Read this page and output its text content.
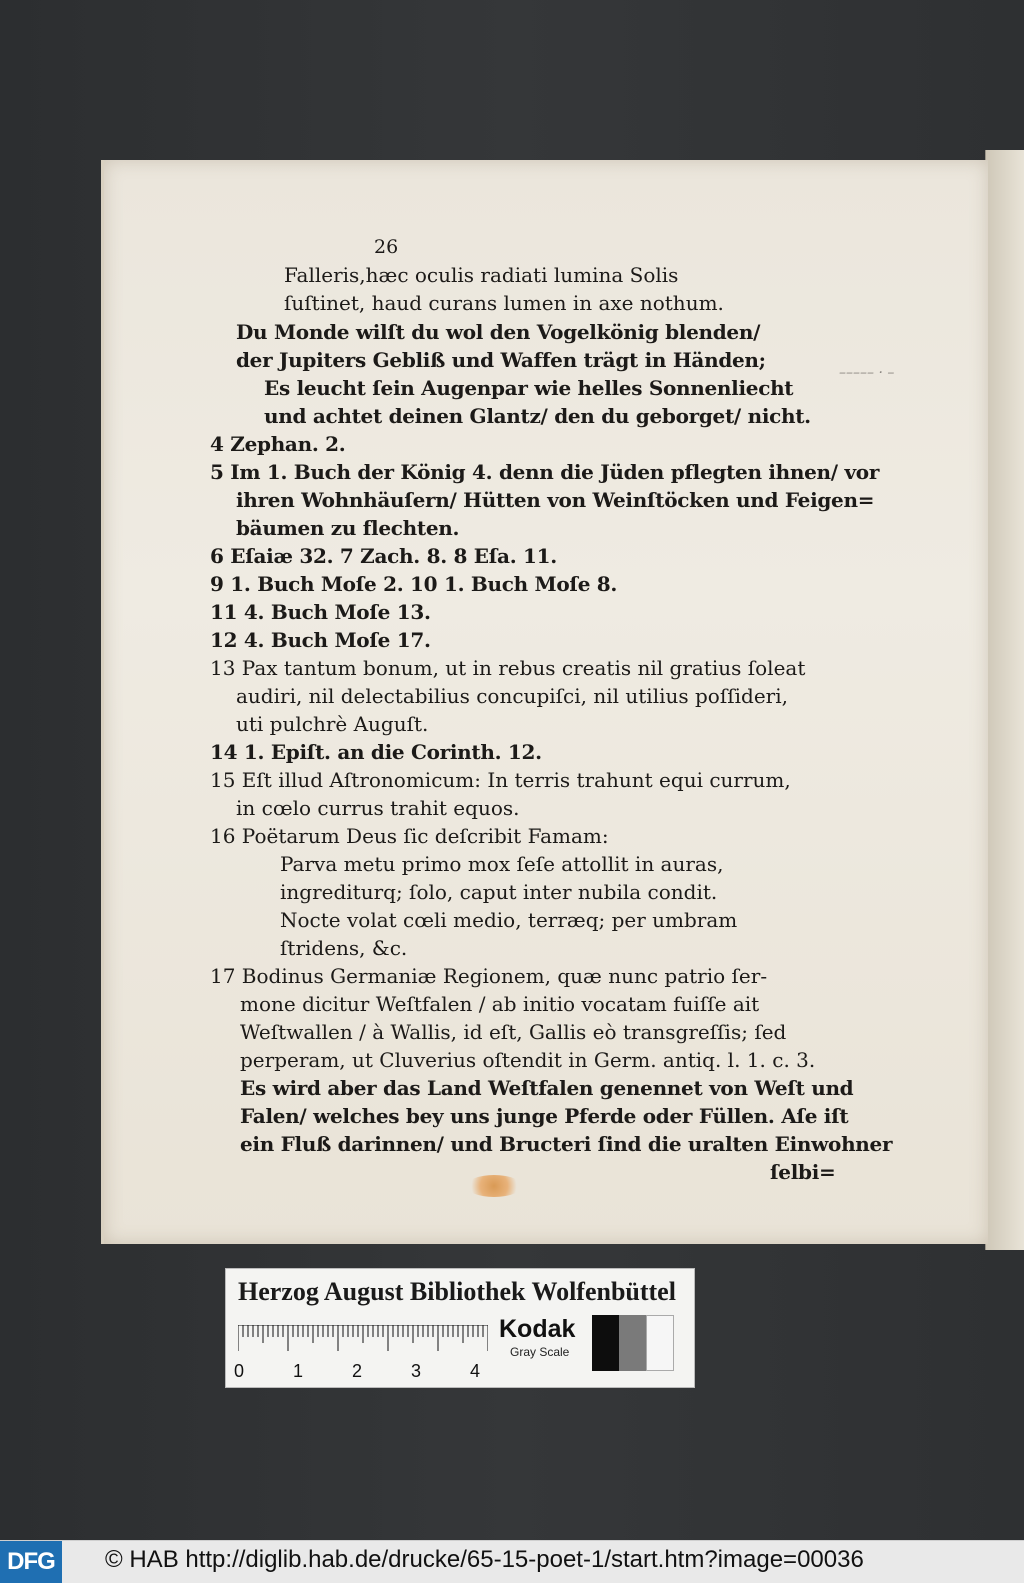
––––– · –
26
Falleris,hæc oculis radiati lumina Solis
ſuſtinet, haud curans lumen in axe nothum.
Du Monde wilſt du wol den Vogelkönig blenden/
der Jupiters Gebliß und Waffen trägt in Händen;
Es leucht ſein Augenpar wie helles Sonnenliecht
und achtet deinen Glantz/ den du geborget/ nicht.
4 Zephan. 2.
5 Im 1. Buch der König 4. denn die Jüden pflegten ihnen/ vor
ihren Wohnhäuſern/ Hütten von Weinſtöcken und Feigen=
bäumen zu flechten.
6 Eſaiæ 32. 7 Zach. 8. 8 Eſa. 11.
9 1. Buch Moſe 2. 10 1. Buch Moſe 8.
11 4. Buch Moſe 13.
12 4. Buch Moſe 17.
13 Pax tantum bonum, ut in rebus creatis nil gratius ſoleat
audiri, nil delectabilius concupiſci, nil utilius poſſideri,
uti pulchrè Auguſt.
14 1. Epiſt. an die Corinth. 12.
15 Eſt illud Aſtronomicum: In terris trahunt equi currum,
in cœlo currus trahit equos.
16 Poëtarum Deus ſic deſcribit Famam:
Parva metu primo mox ſeſe attollit in auras,
ingrediturq; ſolo, caput inter nubila condit.
Nocte volat cœli medio, terræq; per umbram
ſtridens, &c.
17 Bodinus Germaniæ Regionem, quæ nunc patrio ſer-
mone dicitur Weſtfalen / ab initio vocatam fuiſſe ait
Weſtwallen / à Wallis, id eſt, Gallis eò transgreſſis; ſed
perperam, ut Cluverius oſtendit in Germ. antiq. l. 1. c. 3.
Es wird aber das Land Weſtfalen genennet von Weſt und
Falen/ welches bey uns junge Pferde oder Füllen. Aſe iſt
ein Fluß darinnen/ und Bructeri ſind die uralten Einwohner
ſelbi=
Herzog August Bibliothek Wolfenbüttel
0	1	2	3	4
Kodak
Gray Scale
DFG © HAB http://diglib.hab.de/drucke/65-15-poet-1/start.htm?image=00036
